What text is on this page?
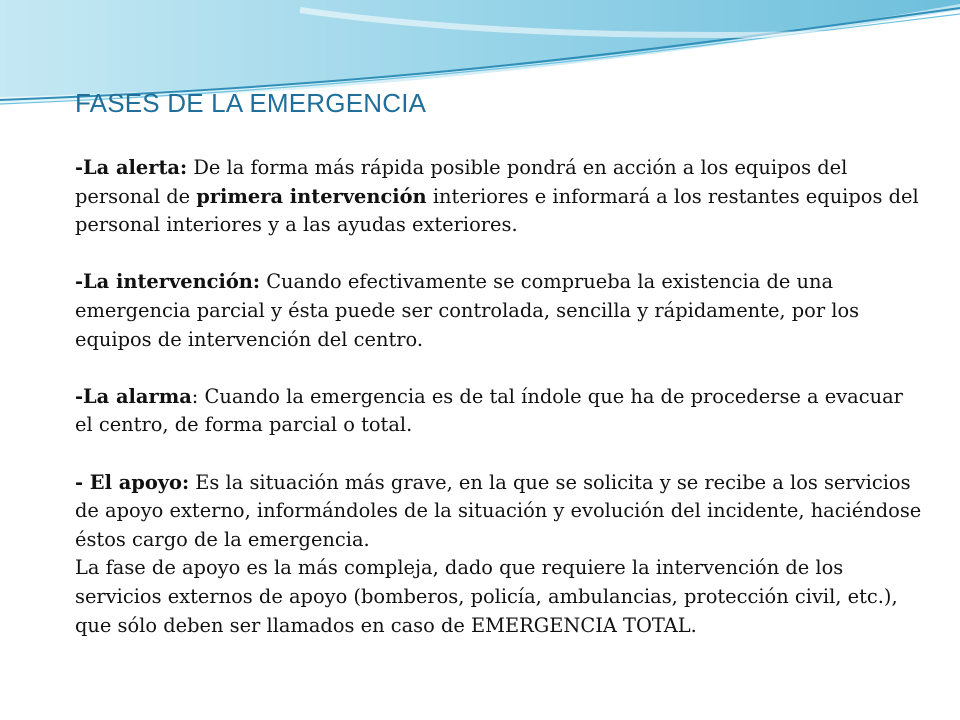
FASES DE LA EMERGENCIA

-La alerta: De la forma más rápida posible pondrá en acción a los equipos del personal de primera intervención interiores e informará a los restantes equipos del personal interiores y a las ayudas exteriores.

-La intervención: Cuando efectivamente se comprueba la existencia de una emergencia parcial y ésta puede ser controlada, sencilla y rápidamente, por los equipos de intervención del centro.

-La alarma: Cuando la emergencia es de tal índole que ha de procederse a evacuar el centro, de forma parcial o total.

- El apoyo: Es la situación más grave, en la que se solicita y se recibe a los servicios de apoyo externo, informándoles de la situación y evolución del incidente, haciéndose éstos cargo de la emergencia.

La fase de apoyo es la más compleja, dado que requiere la intervención de los servicios externos de apoyo (bomberos, policía, ambulancias, protección civil, etc.), que sólo deben ser llamados en caso de EMERGENCIA TOTAL.
